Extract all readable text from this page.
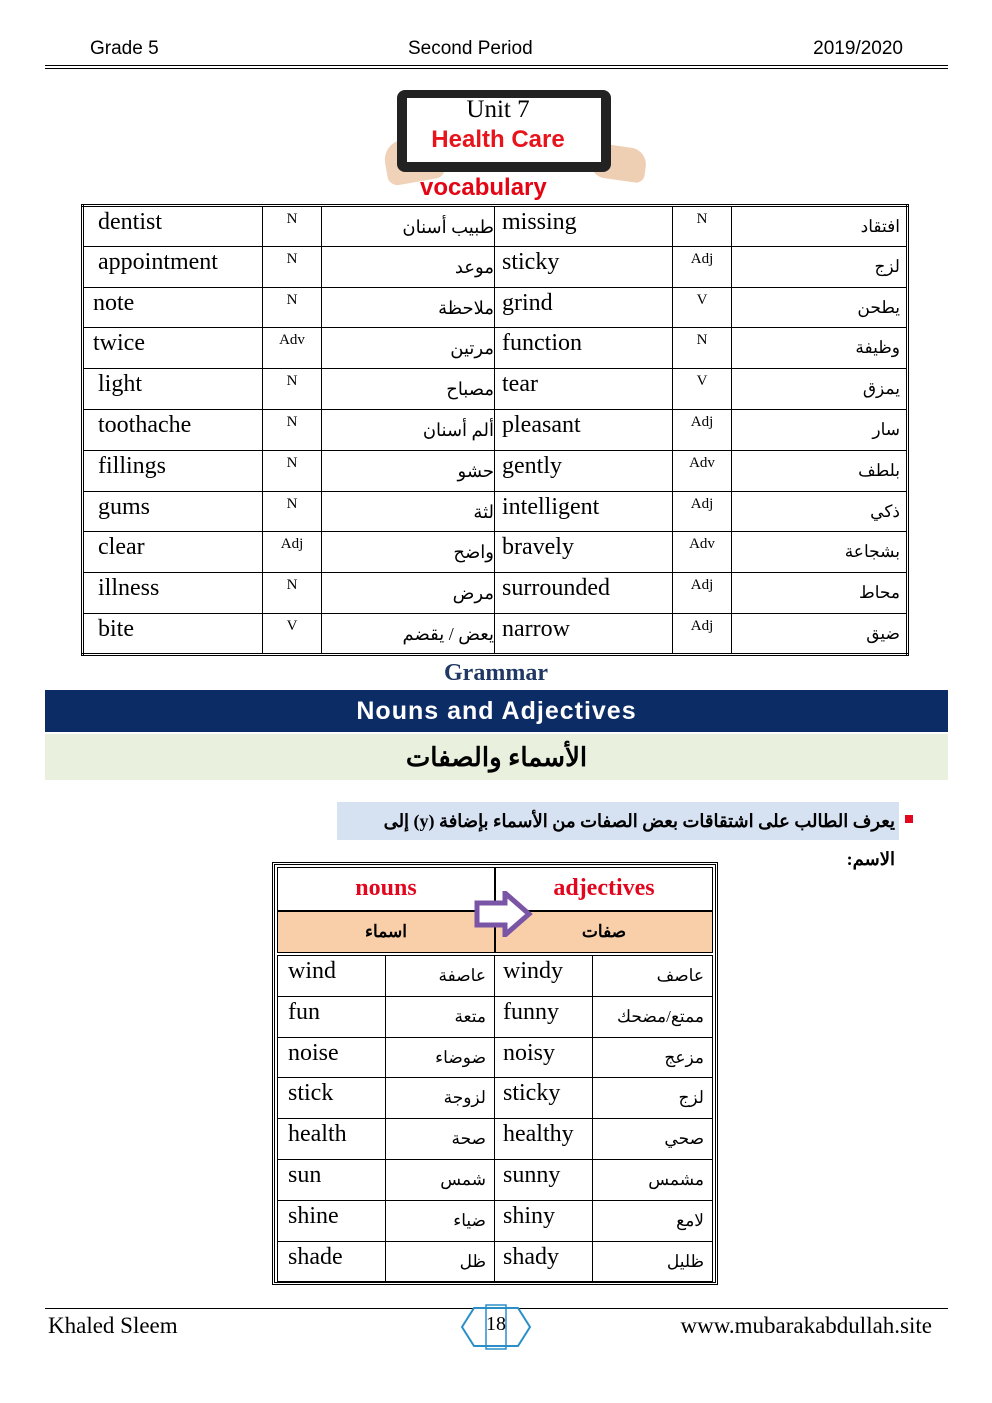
Grade 5	Second Period	2019/2020
Unit 7
Health Care
vocabulary
dentist	N	طبيب أسنان	missing	N	افتقاد
appointment	N	موعد	sticky	Adj	لزج
note	N	ملاحظة	grind	V	يطحن
twice	Adv	مرتين	function	N	وظيفة
light	N	مصباح	tear	V	يمزق
toothache	N	ألم أسنان	pleasant	Adj	سار
fillings	N	حشو	gently	Adv	بلطف
gums	N	لثة	intelligent	Adj	ذكي
clear	Adj	واضح	bravely	Adv	بشجاعة
illness	N	مرض	surrounded	Adj	محاط
bite	V	يعض / يقضم	narrow	Adj	ضيق
Grammar
Nouns and Adjectives
الأسماء والصفات
يعرف الطالب على اشتقاقات بعض الصفات من الأسماء بإضافة (y) إلى الاسم:
nouns	adjectives
اسماء	صفات
wind	عاصفة	windy	عاصف
fun	متعة	funny	ممتع/مضحك
noise	ضوضاء	noisy	مزعج
stick	لزوجة	sticky	لزج
health	صحة	healthy	صحي
sun	شمس	sunny	مشمس
shine	ضياء	shiny	لامع
shade	ظل	shady	ظليل
Khaled Sleem	18	www.mubarakabdullah.site
